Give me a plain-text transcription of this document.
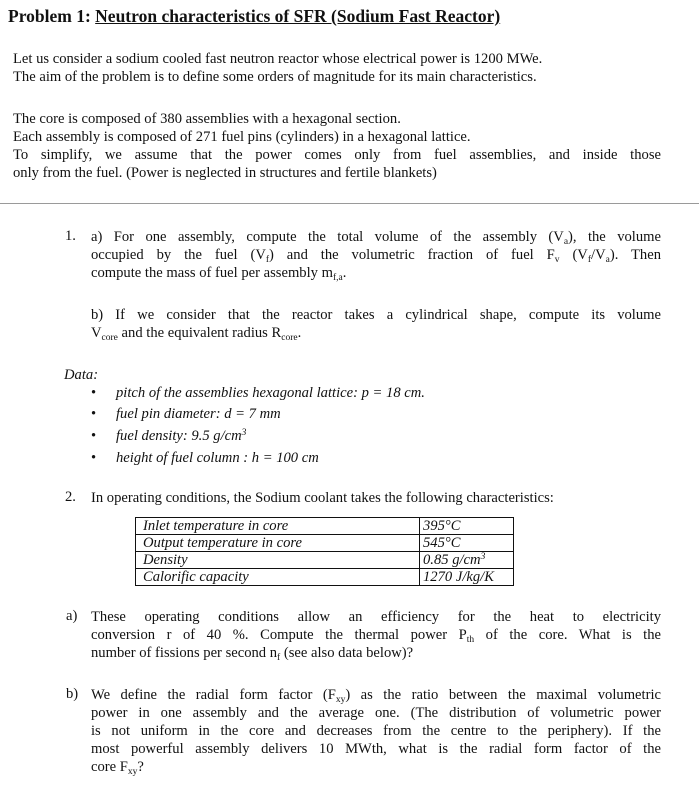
Problem 1: Neutron characteristics of SFR (Sodium Fast Reactor)
Let us consider a sodium cooled fast neutron reactor whose electrical power is 1200 MWe.
The aim of the problem is to define some orders of magnitude for its main characteristics.
The core is composed of 380 assemblies with a hexagonal section.
Each assembly is composed of 271 fuel pins (cylinders) in a hexagonal lattice.
To simplify, we assume that the power comes only from fuel assemblies, and inside those
only from the fuel. (Power is neglected in structures and fertile blankets)
1. a) For one assembly, compute the total volume of the assembly $(V_a)$, the volume
occupied by the fuel $(V_f)$ and the volumetric fraction of fuel $F_v$ $(V_f/V_a)$. Then
compute the mass of fuel per assembly $m_{f,a}$.
b) If we consider that the reactor takes a cylindrical shape, compute its volume
$V_{core}$ and the equivalent radius $R_{core}$.
Data:
• pitch of the assemblies hexagonal lattice: p = 18 cm.
• fuel pin diameter: d = 7 mm
• fuel density: 9.5 $g/cm^3$
• height of fuel column : h = 100 cm
2. In operating conditions, the Sodium coolant takes the following characteristics:
Inlet temperature in core	395°C
Output temperature in core	545°C
Density	0.85 $g/cm^3$
Calorific capacity	1270 J/kg/K
a) These operating conditions allow an efficiency for the heat to electricity
conversion r of 40 %. Compute the thermal power $P_{th}$ of the core. What is the
number of fissions per second $n_f$ (see also data below)?
b) We define the radial form factor $(F_{xy})$ as the ratio between the maximal volumetric
power in one assembly and the average one. (The distribution of volumetric power
is not uniform in the core and decreases from the centre to the periphery). If the
most powerful assembly delivers 10 MWth, what is the radial form factor of the
core $F_{xy}$?
